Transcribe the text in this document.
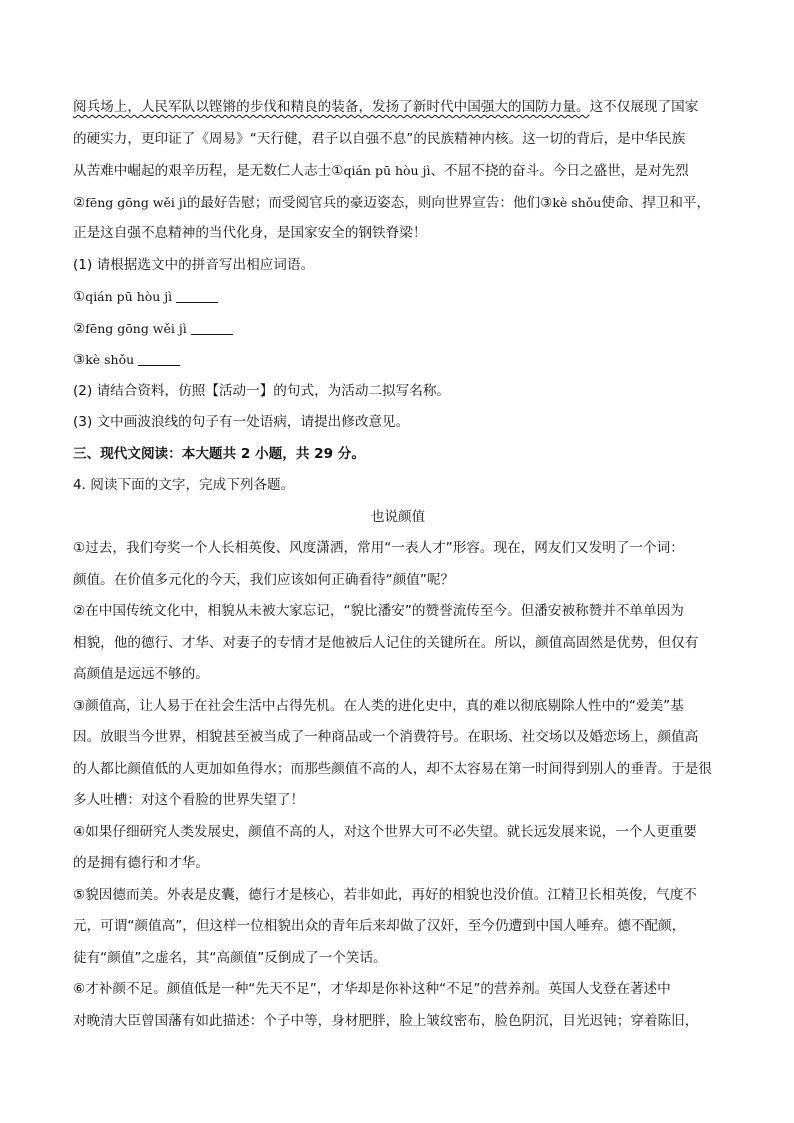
阅兵场上，人民军队以铿锵的步伐和精良的装备，发扬了新时代中国强大的国防力量。这不仅展现了国家
的硬实力，更印证了《周易》“天行健，君子以自强不息”的民族精神内核。这一切的背后，是中华民族
从苦难中崛起的艰辛历程，是无数仁人志士①qián pū hòu jì、不屈不挠的奋斗。今日之盛世，是对先烈
②fēng gōng wěi jì的最好告慰；而受阅官兵的豪迈姿态，则向世界宣告：他们③kè shǒu使命、捍卫和平，
正是这自强不息精神的当代化身，是国家安全的钢铁脊梁！
(1) 请根据选文中的拼音写出相应词语。
①qián pū hòu jì
②fēng gōng wěi jì
③kè shǒu
(2) 请结合资料，仿照【活动一】的句式，为活动二拟写名称。
(3) 文中画波浪线的句子有一处语病，请提出修改意见。
三、现代文阅读：本大题共 2 小题，共 29 分。
4. 阅读下面的文字，完成下列各题。
也说颜值
①过去，我们夸奖一个人长相英俊、风度潇洒，常用“一表人才”形容。现在，网友们又发明了一个词：
颜值。在价值多元化的今天，我们应该如何正确看待“颜值”呢？
②在中国传统文化中，相貌从未被大家忘记，“貌比潘安”的赞誉流传至今。但潘安被称赞并不单单因为
相貌，他的德行、才华、对妻子的专情才是他被后人记住的关键所在。所以，颜值高固然是优势，但仅有
高颜值是远远不够的。
③颜值高，让人易于在社会生活中占得先机。在人类的进化史中，真的难以彻底剔除人性中的“爱美”基
因。放眼当今世界，相貌甚至被当成了一种商品或一个消费符号。在职场、社交场以及婚恋场上，颜值高
的人都比颜值低的人更加如鱼得水；而那些颜值不高的人，却不太容易在第一时间得到别人的垂青。于是很
多人吐槽：对这个看脸的世界失望了！
④如果仔细研究人类发展史，颜值不高的人，对这个世界大可不必失望。就长远发展来说，一个人更重要
的是拥有德行和才华。
⑤貌因德而美。外表是皮囊，德行才是核心，若非如此，再好的相貌也没价值。江精卫长相英俊，气度不
元，可谓“颜值高”，但这样一位相貌出众的青年后来却做了汉奸，至今仍遭到中国人唾弃。德不配颜，
徒有“颜值”之虚名，其“高颜值”反倒成了一个笑话。
⑥才补颜不足。颜值低是一种“先天不足”，才华却是你补这种“不足”的营养剂。英国人戈登在著述中
对晚清大臣曾国藩有如此描述：个子中等，身材肥胖，脸上皱纹密布，脸色阴沉，目光迟钝；穿着陈旧，
